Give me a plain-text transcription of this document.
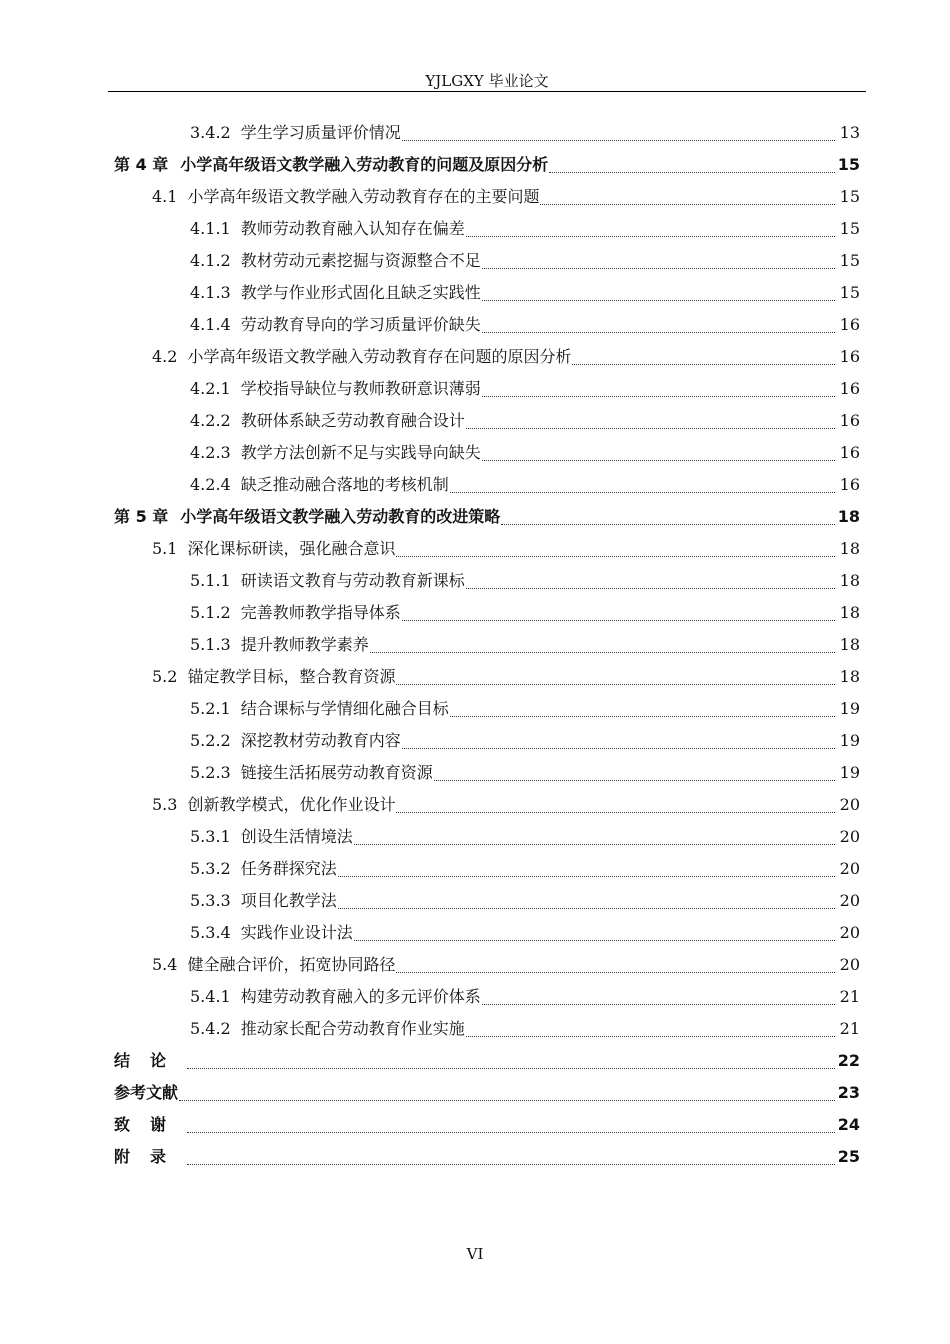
YJLGXY 毕业论文
3.4.2 学生学习质量评价情况	13
第 4 章 小学高年级语文教学融入劳动教育的问题及原因分析	15
4.1 小学高年级语文教学融入劳动教育存在的主要问题	15
4.1.1 教师劳动教育融入认知存在偏差	15
4.1.2 教材劳动元素挖掘与资源整合不足	15
4.1.3 教学与作业形式固化且缺乏实践性	15
4.1.4 劳动教育导向的学习质量评价缺失	16
4.2 小学高年级语文教学融入劳动教育存在问题的原因分析	16
4.2.1 学校指导缺位与教师教研意识薄弱	16
4.2.2 教研体系缺乏劳动教育融合设计	16
4.2.3 教学方法创新不足与实践导向缺失	16
4.2.4 缺乏推动融合落地的考核机制	16
第 5 章 小学高年级语文教学融入劳动教育的改进策略	18
5.1 深化课标研读，强化融合意识	18
5.1.1 研读语文教育与劳动教育新课标	18
5.1.2 完善教师教学指导体系	18
5.1.3 提升教师教学素养	18
5.2 锚定教学目标，整合教育资源	18
5.2.1 结合课标与学情细化融合目标	19
5.2.2 深挖教材劳动教育内容	19
5.2.3 链接生活拓展劳动教育资源	19
5.3 创新教学模式，优化作业设计	20
5.3.1 创设生活情境法	20
5.3.2 任务群探究法	20
5.3.3 项目化教学法	20
5.3.4 实践作业设计法	20
5.4 健全融合评价，拓宽协同路径	20
5.4.1 构建劳动教育融入的多元评价体系	21
5.4.2 推动家长配合劳动教育作业实施	21
结论	22
参考文献	23
致谢	24
附录	25
VI
